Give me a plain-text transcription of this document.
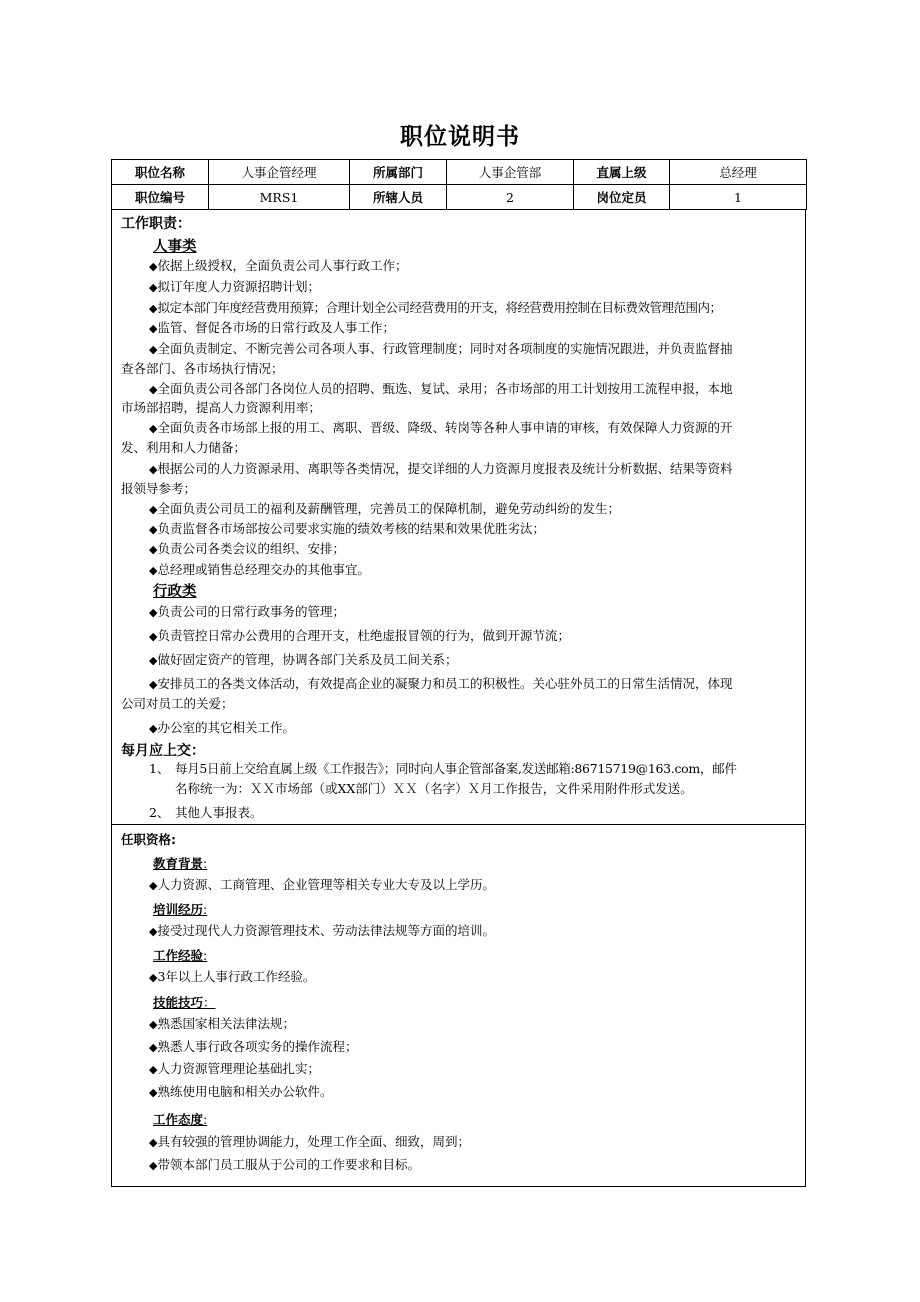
职位说明书
职位名称	人事企管经理	所属部门	人事企管部	直属上级	总经理
职位编号	MRS1	所辖人员	2	岗位定员	1
工作职责：
人事类
◆依据上级授权，全面负责公司人事行政工作；
◆拟订年度人力资源招聘计划；
◆拟定本部门年度经营费用预算；合理计划全公司经营费用的开支，将经营费用控制在目标费效管理范围内；
◆监管、督促各市场的日常行政及人事工作；
◆全面负责制定、不断完善公司各项人事、行政管理制度；同时对各项制度的实施情况跟进，并负责监督抽
查各部门、各市场执行情况；
◆全面负责公司各部门各岗位人员的招聘、甄选、复试、录用；各市场部的用工计划按用工流程申报，本地
市场部招聘，提高人力资源利用率；
◆全面负责各市场部上报的用工、离职、晋级、降级、转岗等各种人事申请的审核，有效保障人力资源的开
发、利用和人力储备；
◆根据公司的人力资源录用、离职等各类情况，提交详细的人力资源月度报表及统计分析数据、结果等资料
报领导参考；
◆全面负责公司员工的福利及薪酬管理，完善员工的保障机制，避免劳动纠纷的发生；
◆负责监督各市场部按公司要求实施的绩效考核的结果和效果优胜劣汰；
◆负责公司各类会议的组织、安排；
◆总经理或销售总经理交办的其他事宜。
行政类
◆负责公司的日常行政事务的管理；
◆负责管控日常办公费用的合理开支，杜绝虚报冒领的行为，做到开源节流；
◆做好固定资产的管理，协调各部门关系及员工间关系；
◆安排员工的各类文体活动，有效提高企业的凝聚力和员工的积极性。关心驻外员工的日常生活情况，体现
公司对员工的关爱；
◆办公室的其它相关工作。
每月应上交：
1、 每月5日前上交给直属上级《工作报告》；同时向人事企管部备案,发送邮箱:86715719@163.com，邮件
名称统一为：ＸＸ市场部（或XX部门）ＸＸ（名字）Ｘ月工作报告，文件采用附件形式发送。
2、 其他人事报表。
任职资格:
教育背景:
◆人力资源、工商管理、企业管理等相关专业大专及以上学历。
培训经历:
◆接受过现代人力资源管理技术、劳动法律法规等方面的培训。
工作经验:
◆3年以上人事行政工作经验。
技能技巧：
◆熟悉国家相关法律法规；
◆熟悉人事行政各项实务的操作流程；
◆人力资源管理理论基础扎实；
◆熟练使用电脑和相关办公软件。
工作态度:
◆具有较强的管理协调能力，处理工作全面、细致，周到；
◆带领本部门员工服从于公司的工作要求和目标。
